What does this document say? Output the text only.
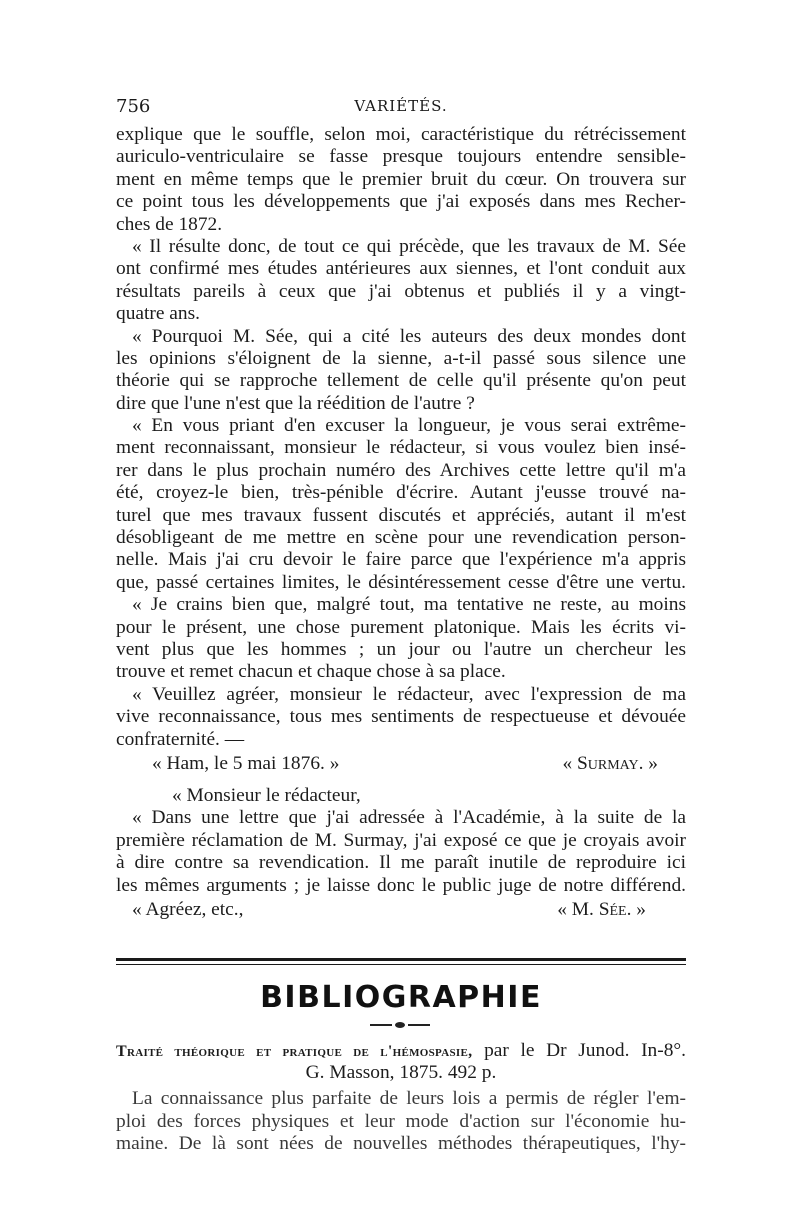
756	VARIÉTÉS.
explique que le souffle, selon moi, caractéristique du rétrécissement
auriculo-ventriculaire se fasse presque toujours entendre sensible-
ment en même temps que le premier bruit du cœur. On trouvera sur
ce point tous les développements que j'ai exposés dans mes Recher-
ches de 1872.
« Il résulte donc, de tout ce qui précède, que les travaux de M. Sée
ont confirmé mes études antérieures aux siennes, et l'ont conduit aux
résultats pareils à ceux que j'ai obtenus et publiés il y a vingt-
quatre ans.
« Pourquoi M. Sée, qui a cité les auteurs des deux mondes dont
les opinions s'éloignent de la sienne, a-t-il passé sous silence une
théorie qui se rapproche tellement de celle qu'il présente qu'on peut
dire que l'une n'est que la réédition de l'autre ?
« En vous priant d'en excuser la longueur, je vous serai extrême-
ment reconnaissant, monsieur le rédacteur, si vous voulez bien insé-
rer dans le plus prochain numéro des Archives cette lettre qu'il m'a
été, croyez-le bien, très-pénible d'écrire. Autant j'eusse trouvé na-
turel que mes travaux fussent discutés et appréciés, autant il m'est
désobligeant de me mettre en scène pour une revendication person-
nelle. Mais j'ai cru devoir le faire parce que l'expérience m'a appris
que, passé certaines limites, le désintéressement cesse d'être une vertu.
« Je crains bien que, malgré tout, ma tentative ne reste, au moins
pour le présent, une chose purement platonique. Mais les écrits vi-
vent plus que les hommes ; un jour ou l'autre un chercheur les
trouve et remet chacun et chaque chose à sa place.
« Veuillez agréer, monsieur le rédacteur, avec l'expression de ma
vive reconnaissance, tous mes sentiments de respectueuse et dévouée
confraternité. —
« Ham, le 5 mai 1876. »	« Surmay. »
« Monsieur le rédacteur,
« Dans une lettre que j'ai adressée à l'Académie, à la suite de la
première réclamation de M. Surmay, j'ai exposé ce que je croyais avoir
à dire contre sa revendication. Il me paraît inutile de reproduire ici
les mêmes arguments ; je laisse donc le public juge de notre différend.
« Agréez, etc.,	« M. Sée. »
BIBLIOGRAPHIE
Traité théorique et pratique de l'hémospasie, par le Dr Junod. In-8°.
G. Masson, 1875. 492 p.
La connaissance plus parfaite de leurs lois a permis de régler l'em-
ploi des forces physiques et leur mode d'action sur l'économie hu-
maine. De là sont nées de nouvelles méthodes thérapeutiques, l'hy-
